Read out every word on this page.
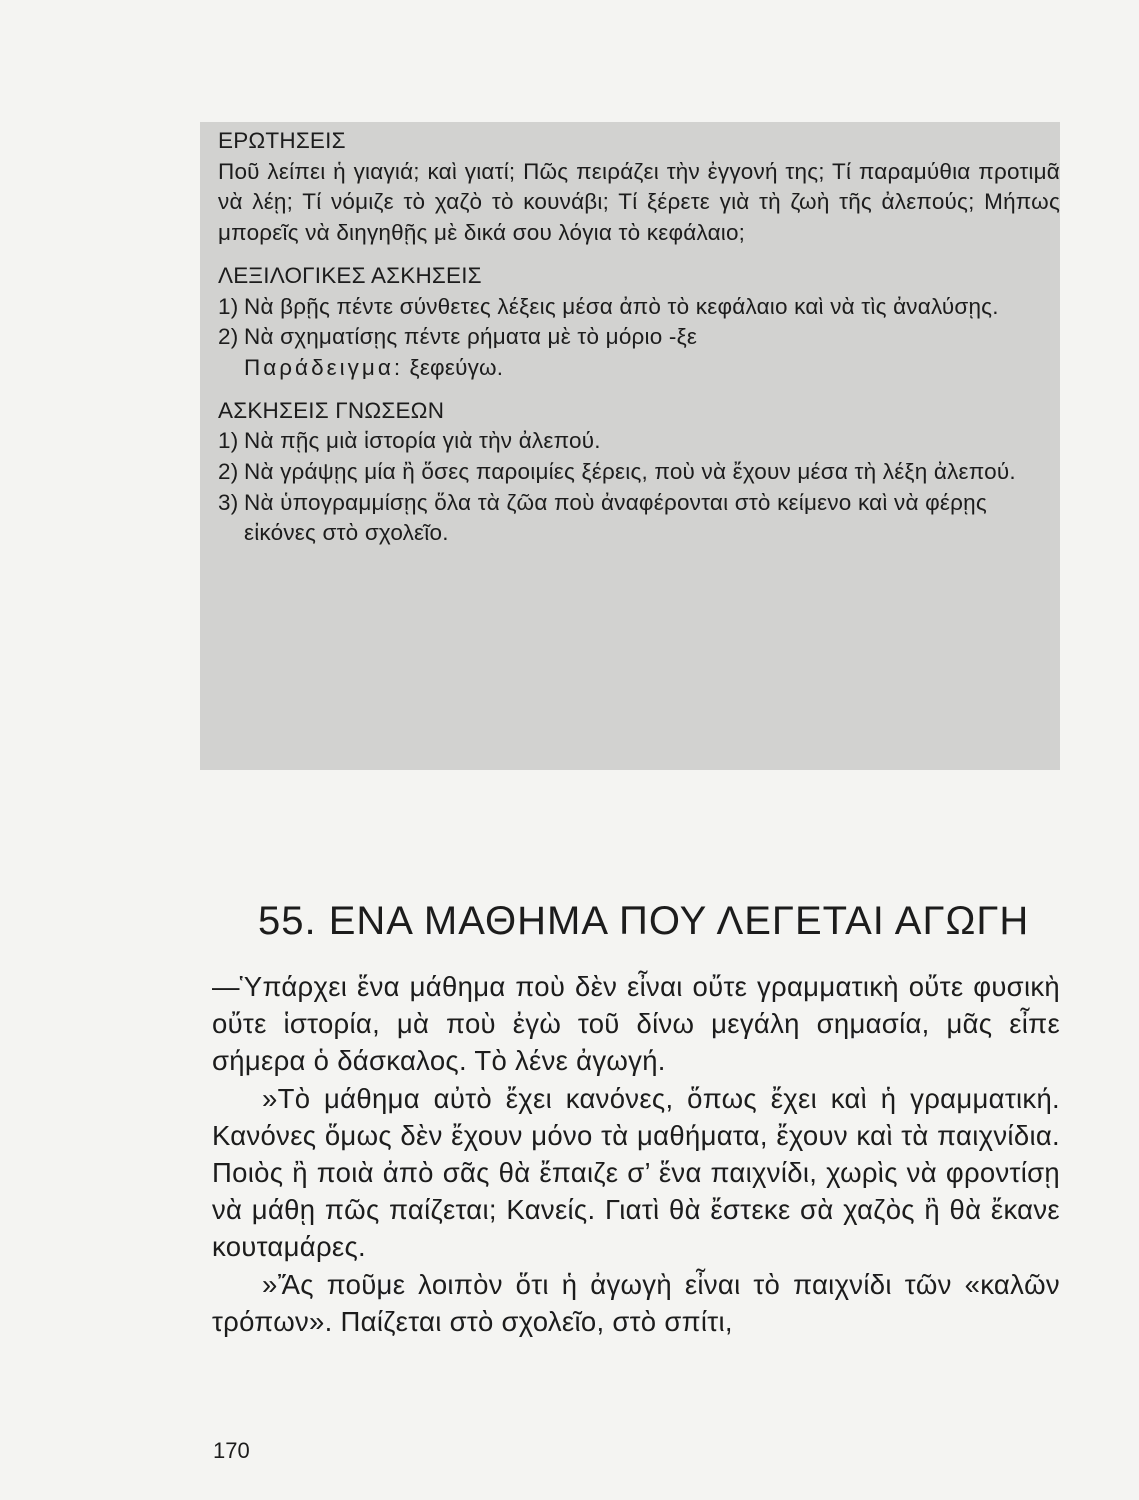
ΕΡΩΤΗΣΕΙΣ

Ποῦ λείπει ἡ γιαγιά; καὶ γιατί; Πῶς πειράζει τὴν ἐγγονή της; Τί παραμύθια προτιμᾶ νὰ λέῃ; Τί νόμιζε τὸ χαζὸ τὸ κουνάβι; Τί ξέρετε γιὰ τὴ ζωὴ τῆς ἀλεπούς; Μήπως μπορεῖς νὰ διηγηθῇς μὲ δικά σου λόγια τὸ κεφάλαιο;

ΛΕΞΙΛΟΓΙΚΕΣ ΑΣΚΗΣΕΙΣ

1) Νὰ βρῇς πέντε σύνθετες λέξεις μέσα ἀπὸ τὸ κεφάλαιο καὶ νὰ τὶς ἀναλύσῃς.
2) Νὰ σχηματίσῃς πέντε ρήματα μὲ τὸ μόριο -ξε

Παράδειγμα: ξεφεύγω.

ΑΣΚΗΣΕΙΣ ΓΝΩΣΕΩΝ

1) Νὰ πῇς μιὰ ἱστορία γιὰ τὴν ἀλεπού.
2) Νὰ γράψῃς μία ἢ ὅσες παροιμίες ξέρεις, ποὺ νὰ ἔχουν μέσα τὴ λέξη ἀλεπού.
3) Νὰ ὑπογραμμίσῃς ὅλα τὰ ζῶα ποὺ ἀναφέρονται στὸ κείμενο καὶ νὰ φέρῃς εἰκόνες στὸ σχολεῖο.
55. ΕΝΑ ΜΑΘΗΜΑ ΠΟΥ ΛΕΓΕΤΑΙ ΑΓΩΓΗ

—Ὑπάρχει ἕνα μάθημα ποὺ δὲν εἶναι οὔτε γραμματικὴ οὔτε φυσικὴ οὔτε ἱστορία, μὰ ποὺ ἐγὼ τοῦ δίνω μεγάλη σημασία, μᾶς εἶπε σήμερα ὁ δάσκαλος. Τὸ λένε ἀγωγή.

»Τὸ μάθημα αὐτὸ ἔχει κανόνες, ὅπως ἔχει καὶ ἡ γραμματική. Κανόνες ὅμως δὲν ἔχουν μόνο τὰ μαθήματα, ἔχουν καὶ τὰ παιχνίδια. Ποιὸς ἢ ποιὰ ἀπὸ σᾶς θὰ ἔπαιζε σ’ ἕνα παιχνίδι, χωρὶς νὰ φροντίσῃ νὰ μάθῃ πῶς παίζεται; Κανείς. Γιατὶ θὰ ἔστεκε σὰ χαζὸς ἢ θὰ ἔκανε κουταμάρες.

»Ἄς ποῦμε λοιπὸν ὅτι ἡ ἀγωγὴ εἶναι τὸ παιχνίδι τῶν «καλῶν τρόπων». Παίζεται στὸ σχολεῖο, στὸ σπίτι,

170
